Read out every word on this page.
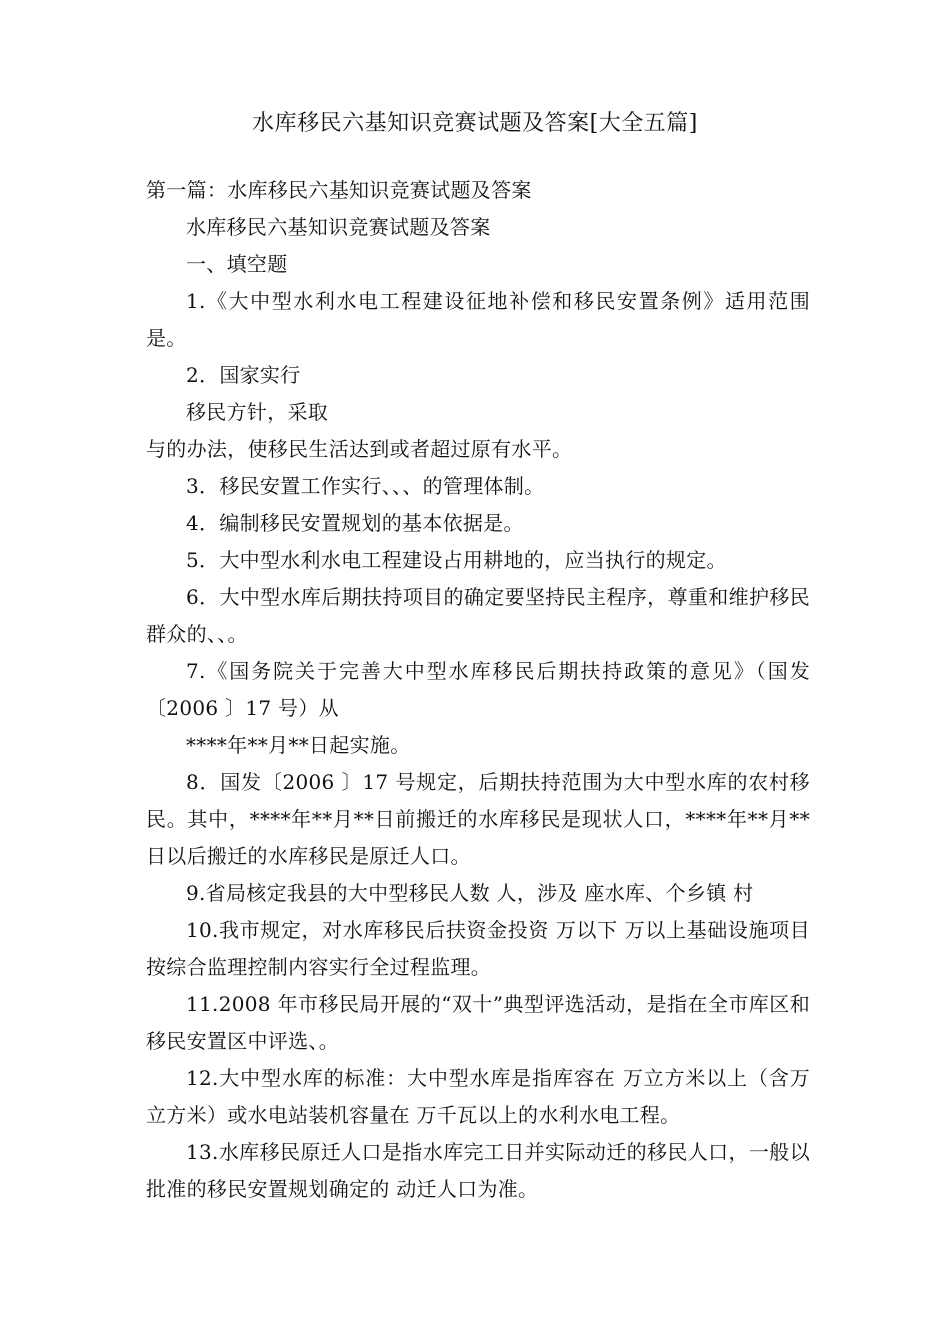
水库移民六基知识竞赛试题及答案[大全五篇]

第一篇：水库移民六基知识竞赛试题及答案

水库移民六基知识竞赛试题及答案

一、填空题

1.《大中型水利水电工程建设征地补偿和移民安置条例》适用范围是。

2．国家实行

移民方针，采取

与的办法，使移民生活达到或者超过原有水平。

3．移民安置工作实行、、、的管理体制。

4．编制移民安置规划的基本依据是。

5．大中型水利水电工程建设占用耕地的，应当执行的规定。

6．大中型水库后期扶持项目的确定要坚持民主程序，尊重和维护移民群众的、、。

7.《国务院关于完善大中型水库移民后期扶持政策的意见》（国发〔2006 〕17 号）从

****年**月**日起实施。

8．国发〔2006 〕17 号规定，后期扶持范围为大中型水库的农村移民。其中，****年**月**日前搬迁的水库移民是现状人口，****年**月**日以后搬迁的水库移民是原迁人口。

9.省局核定我县的大中型移民人数 人，涉及 座水库、个乡镇 村

10.我市规定，对水库移民后扶资金投资 万以下 万以上基础设施项目按综合监理控制内容实行全过程监理。

11.2008 年市移民局开展的“双十”典型评选活动，是指在全市库区和移民安置区中评选、。

12.大中型水库的标准：大中型水库是指库容在 万立方米以上（含万立方米）或水电站装机容量在 万千瓦以上的水利水电工程。

13.水库移民原迁人口是指水库完工日并实际动迁的移民人口，一般以批准的移民安置规划确定的 动迁人口为准。
